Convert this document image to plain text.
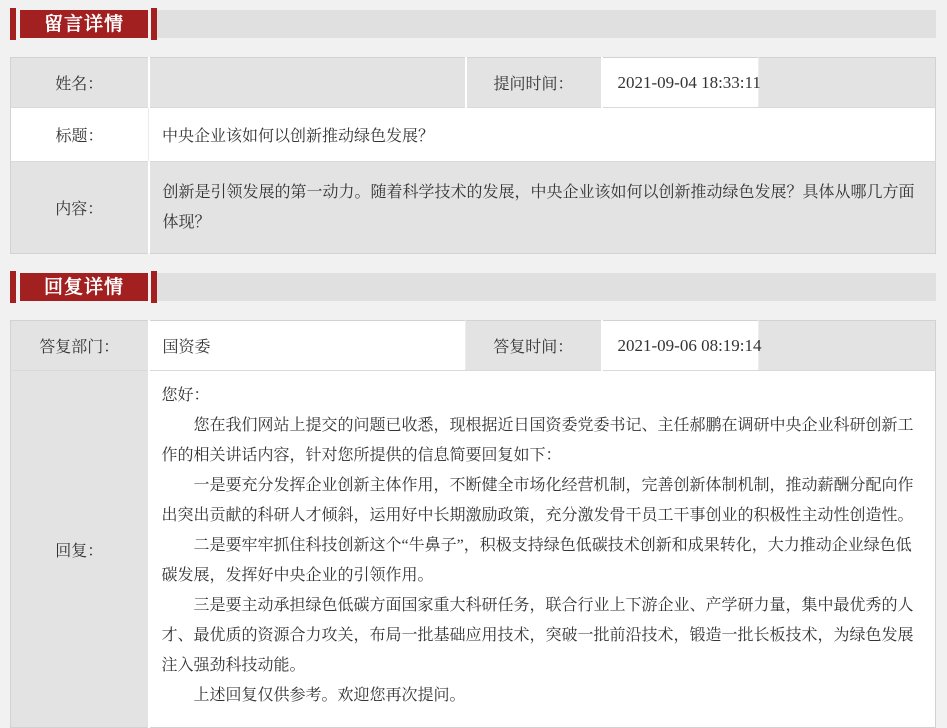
留言详情
姓名：		提问时间：	2021-09-04 18:33:11	
标题：	中央企业该如何以创新推动绿色发展？			
内容：	创新是引领发展的第一动力。随着科学技术的发展，中央企业该如何以创新推动绿色发展？具体从哪几方面体现？			
回复详情
答复部门：	国资委	答复时间：	2021-09-06 08:19:14	
回复：	

您好：

您在我们网站上提交的问题已收悉，现根据近日国资委党委书记、主任郝鹏在调研中央企业科研创新工作的相关讲话内容，针对您所提供的信息简要回复如下：

一是要充分发挥企业创新主体作用，不断健全市场化经营机制，完善创新体制机制，推动薪酬分配向作出突出贡献的科研人才倾斜，运用好中长期激励政策，充分激发骨干员工干事创业的积极性主动性创造性。

二是要牢牢抓住科技创新这个“牛鼻子”，积极支持绿色低碳技术创新和成果转化，大力推动企业绿色低碳发展，发挥好中央企业的引领作用。

三是要主动承担绿色低碳方面国家重大科研任务，联合行业上下游企业、产学研力量，集中最优秀的人才、最优质的资源合力攻关，布局一批基础应用技术，突破一批前沿技术，锻造一批长板技术，为绿色发展注入强劲科技动能。

上述回复仅供参考。欢迎您再次提问。
